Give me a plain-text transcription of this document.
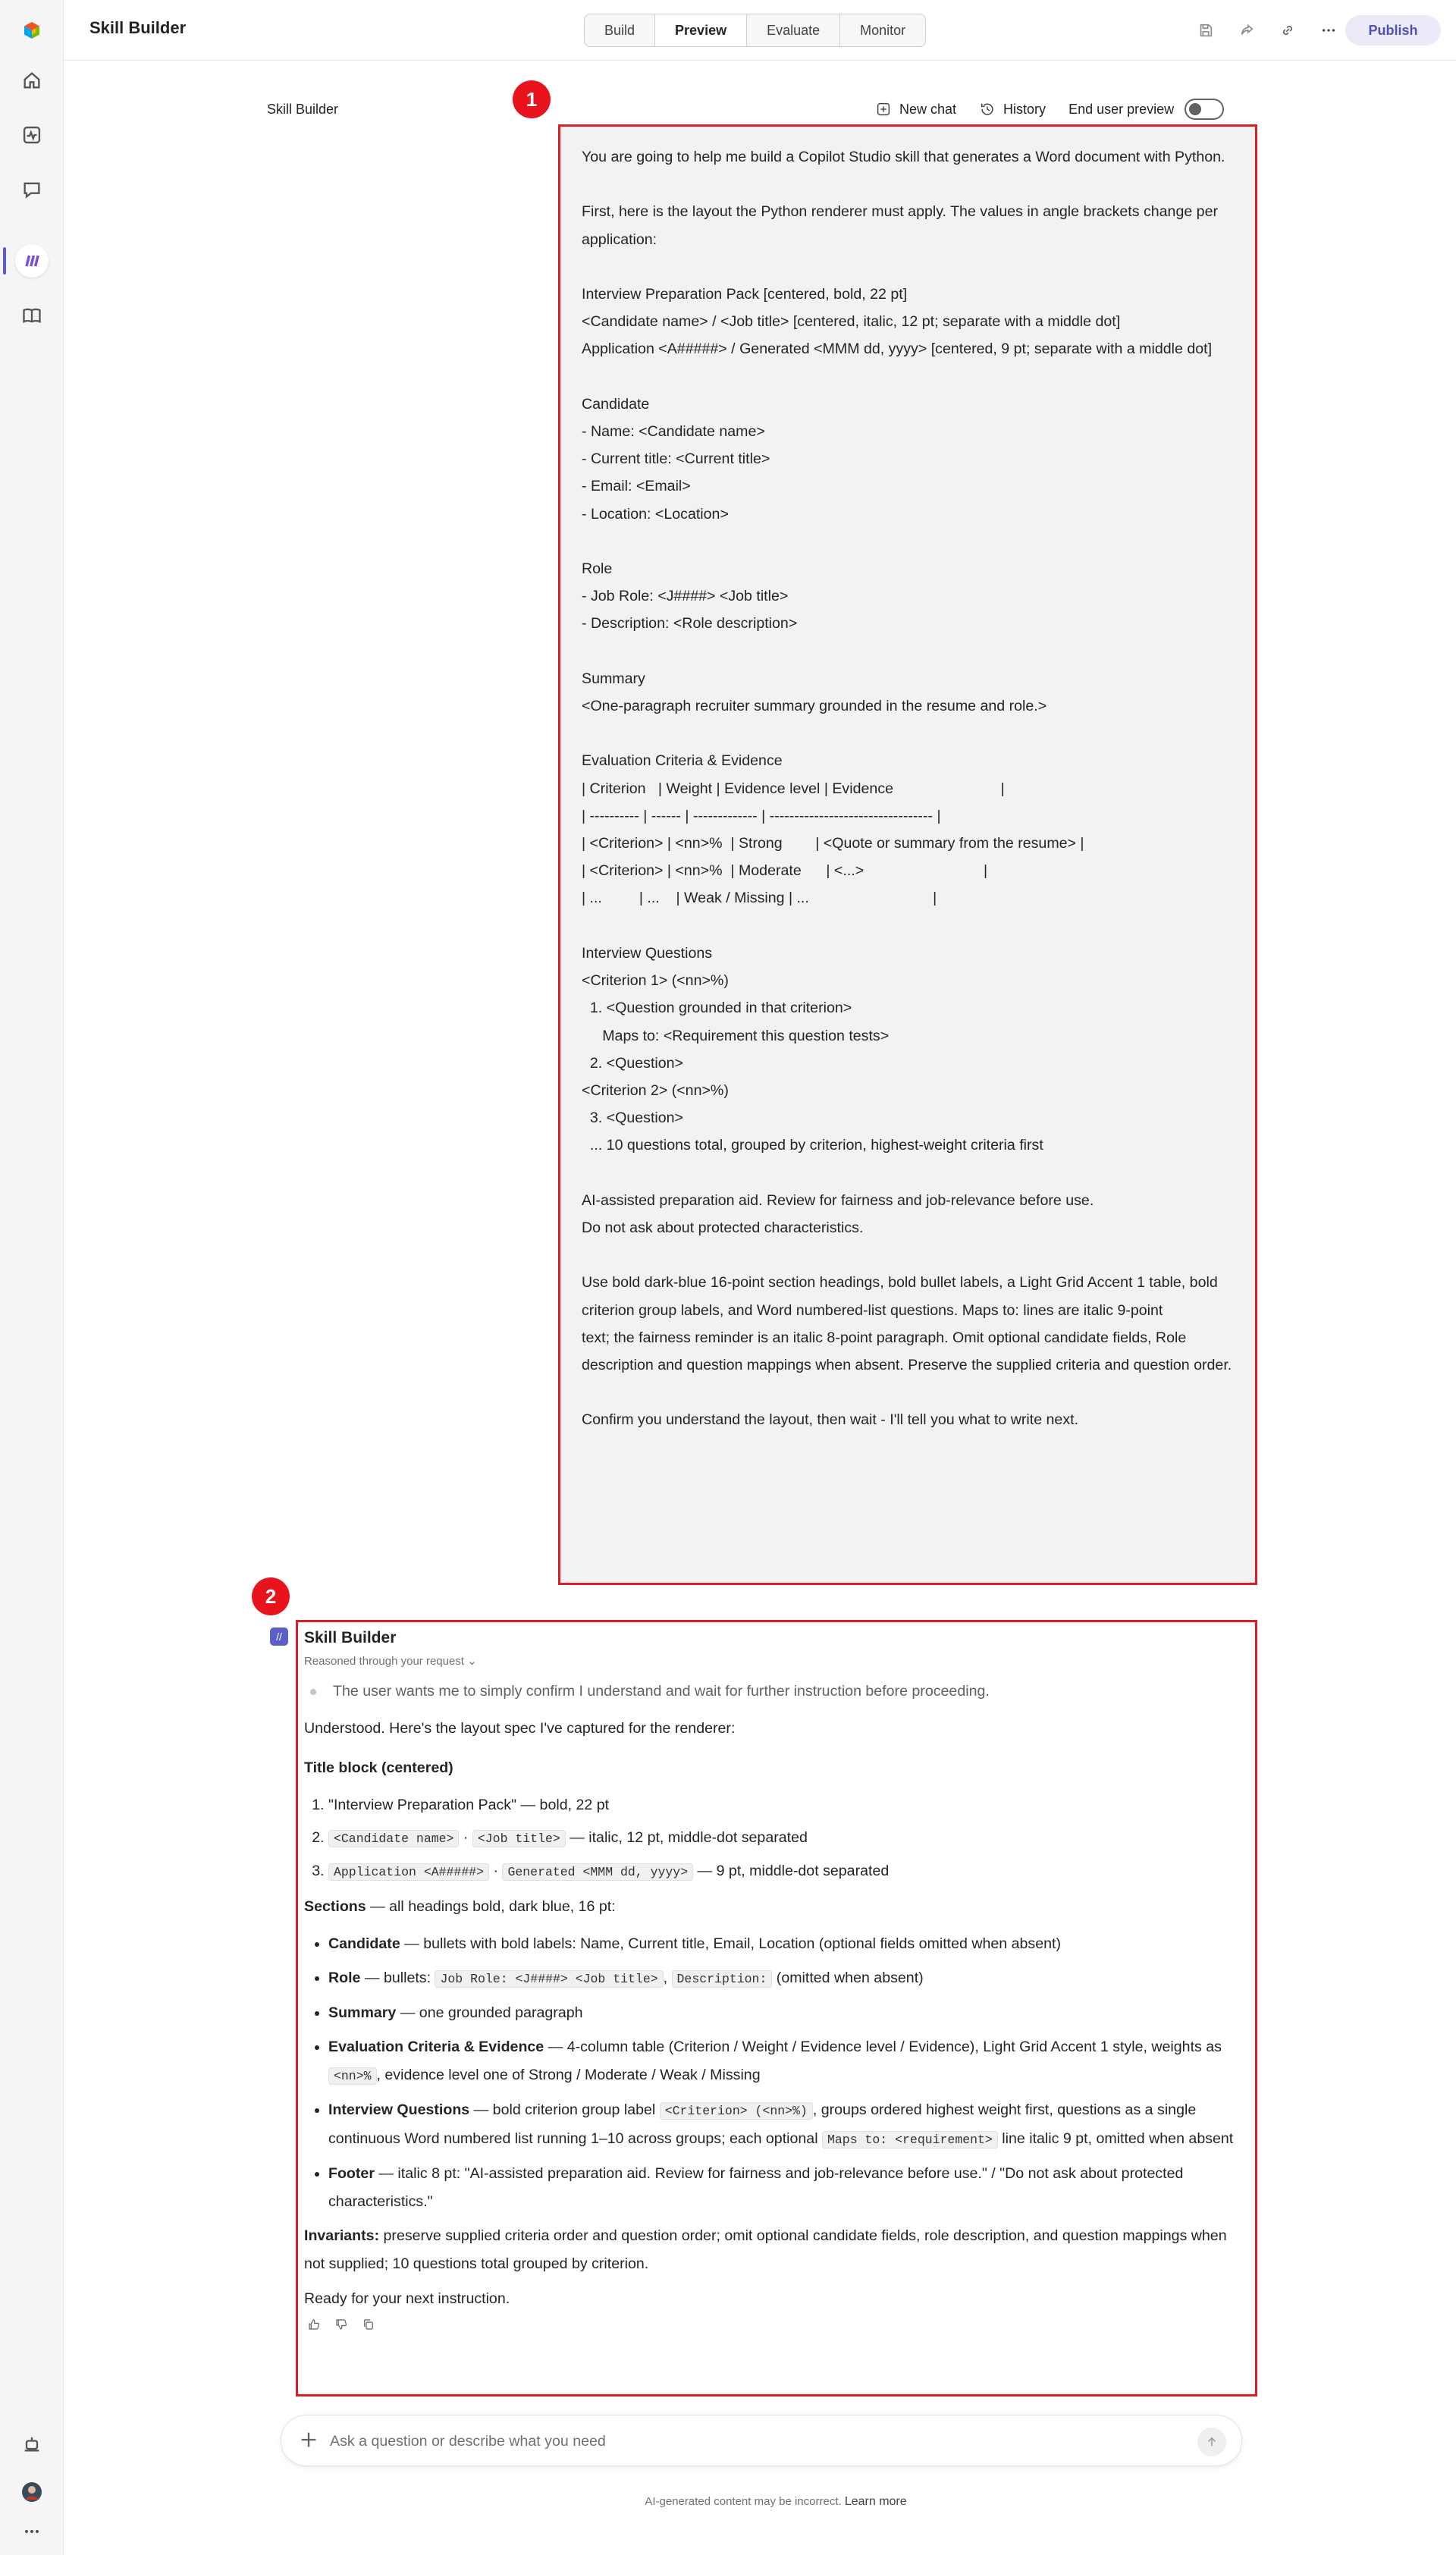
Skill Builder	Build	Preview	Evaluate	Monitor	Publish
Skill Builder	New chat	History End user preview
1
You are going to help me build a Copilot Studio skill that generates a Word document with Python.

First, here is the layout the Python renderer must apply. The values in angle brackets change per application:

Interview Preparation Pack [centered, bold, 22 pt]
<Candidate name> / <Job title> [centered, italic, 12 pt; separate with a middle dot]
Application <A#####> / Generated <MMM dd, yyyy> [centered, 9 pt; separate with a middle dot]

Candidate
- Name: <Candidate name>
- Current title: <Current title>
- Email: <Email>
- Location: <Location>

Role
- Job Role: <J####> <Job title>
- Description: <Role description>

Summary
<One-paragraph recruiter summary grounded in the resume and role.>

Evaluation Criteria & Evidence
| Criterion   | Weight | Evidence level | Evidence                          |
| ---------- | ------ | ------------- | --------------------------------- |
| <Criterion> | <nn>%  | Strong        | <Quote or summary from the resume> |
| <Criterion> | <nn>%  | Moderate      | <...>                             |
| ...         | ...    | Weak / Missing | ...                              |

Interview Questions
<Criterion 1> (<nn>%)
1. <Question grounded in that criterion>
Maps to: <Requirement this question tests>
2. <Question>
<Criterion 2> (<nn>%)
3. <Question>
... 10 questions total, grouped by criterion, highest-weight criteria first

AI-assisted preparation aid. Review for fairness and job-relevance before use.
Do not ask about protected characteristics.

Use bold dark-blue 16-point section headings, bold bullet labels, a Light Grid Accent 1 table, bold criterion group labels, and Word numbered-list questions. Maps to: lines are italic 9-point
text; the fairness reminder is an italic 8-point paragraph. Omit optional candidate fields, Role
description and question mappings when absent. Preserve the supplied criteria and question order.

Confirm you understand the layout, then wait - I'll tell you what to write next.
2
//	Skill Builder
Reasoned through your request ⌄
The user wants me to simply confirm I understand and wait for further instruction before proceeding.
Understood. Here's the layout spec I've captured for the renderer:
Title block (centered)
1. "Interview Preparation Pack" — bold, 22 pt
2. <Candidate name> · <Job title> — italic, 12 pt, middle-dot separated
3. Application <A#####> · Generated <MMM dd, yyyy> — 9 pt, middle-dot separated
Sections — all headings bold, dark blue, 16 pt:
• Candidate — bullets with bold labels: Name, Current title, Email, Location (optional fields omitted when absent)
• Role — bullets: Job Role: <J####> <Job title> , Description: (omitted when absent)
• Summary — one grounded paragraph
• Evaluation Criteria & Evidence — 4-column table (Criterion / Weight / Evidence level / Evidence), Light Grid Accent 1 style, weights as <nn>% , evidence level one of Strong / Moderate / Weak / Missing
• Interview Questions — bold criterion group label <Criterion> (<nn>%) , groups ordered highest weight first, questions as a single continuous Word numbered list running 1–10 across groups; each optional Maps to: <requirement> line italic 9 pt, omitted when absent
• Footer — italic 8 pt: "AI-assisted preparation aid. Review for fairness and job-relevance before use." / "Do not ask about protected characteristics."
Invariants: preserve supplied criteria order and question order; omit optional candidate fields, role description, and question mappings when not supplied; 10 questions total grouped by criterion.
Ready for your next instruction.
Ask a question or describe what you need
AI-generated content may be incorrect. Learn more
